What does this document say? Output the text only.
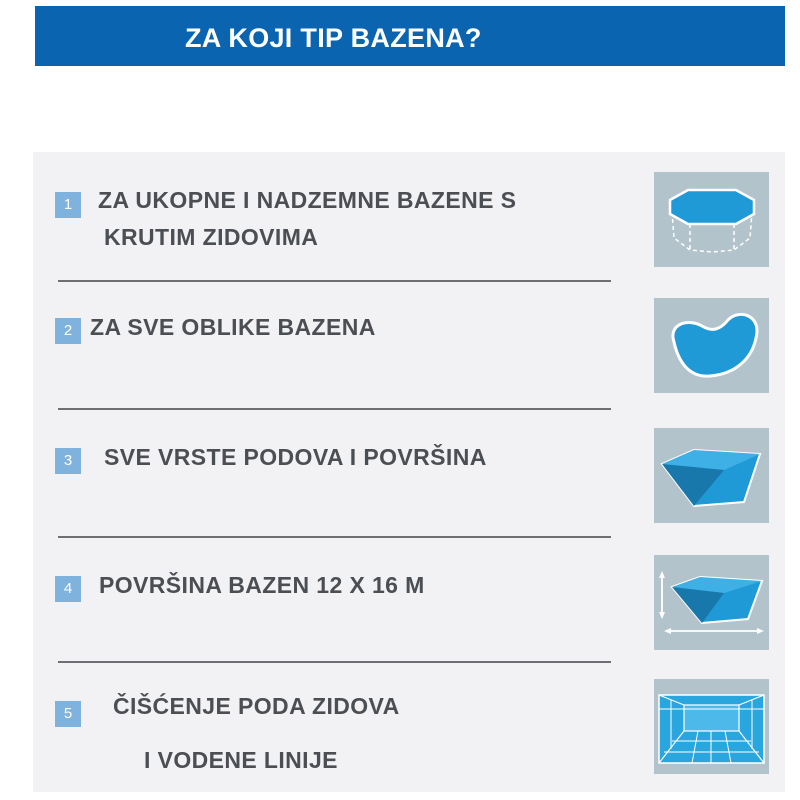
ZA KOJI TIP BAZENA?
1	ZA UKOPNE I NADZEMNE BAZENE S
KRUTIM ZIDOVIMA
2 ZA SVE OBLIKE BAZENA
3	SVE VRSTE PODOVA I POVRŠINA
4	POVRŠINA BAZEN 12 X 16 M
5	ČIŠĆENJE PODA ZIDOVA
I VODENE LINIJE
